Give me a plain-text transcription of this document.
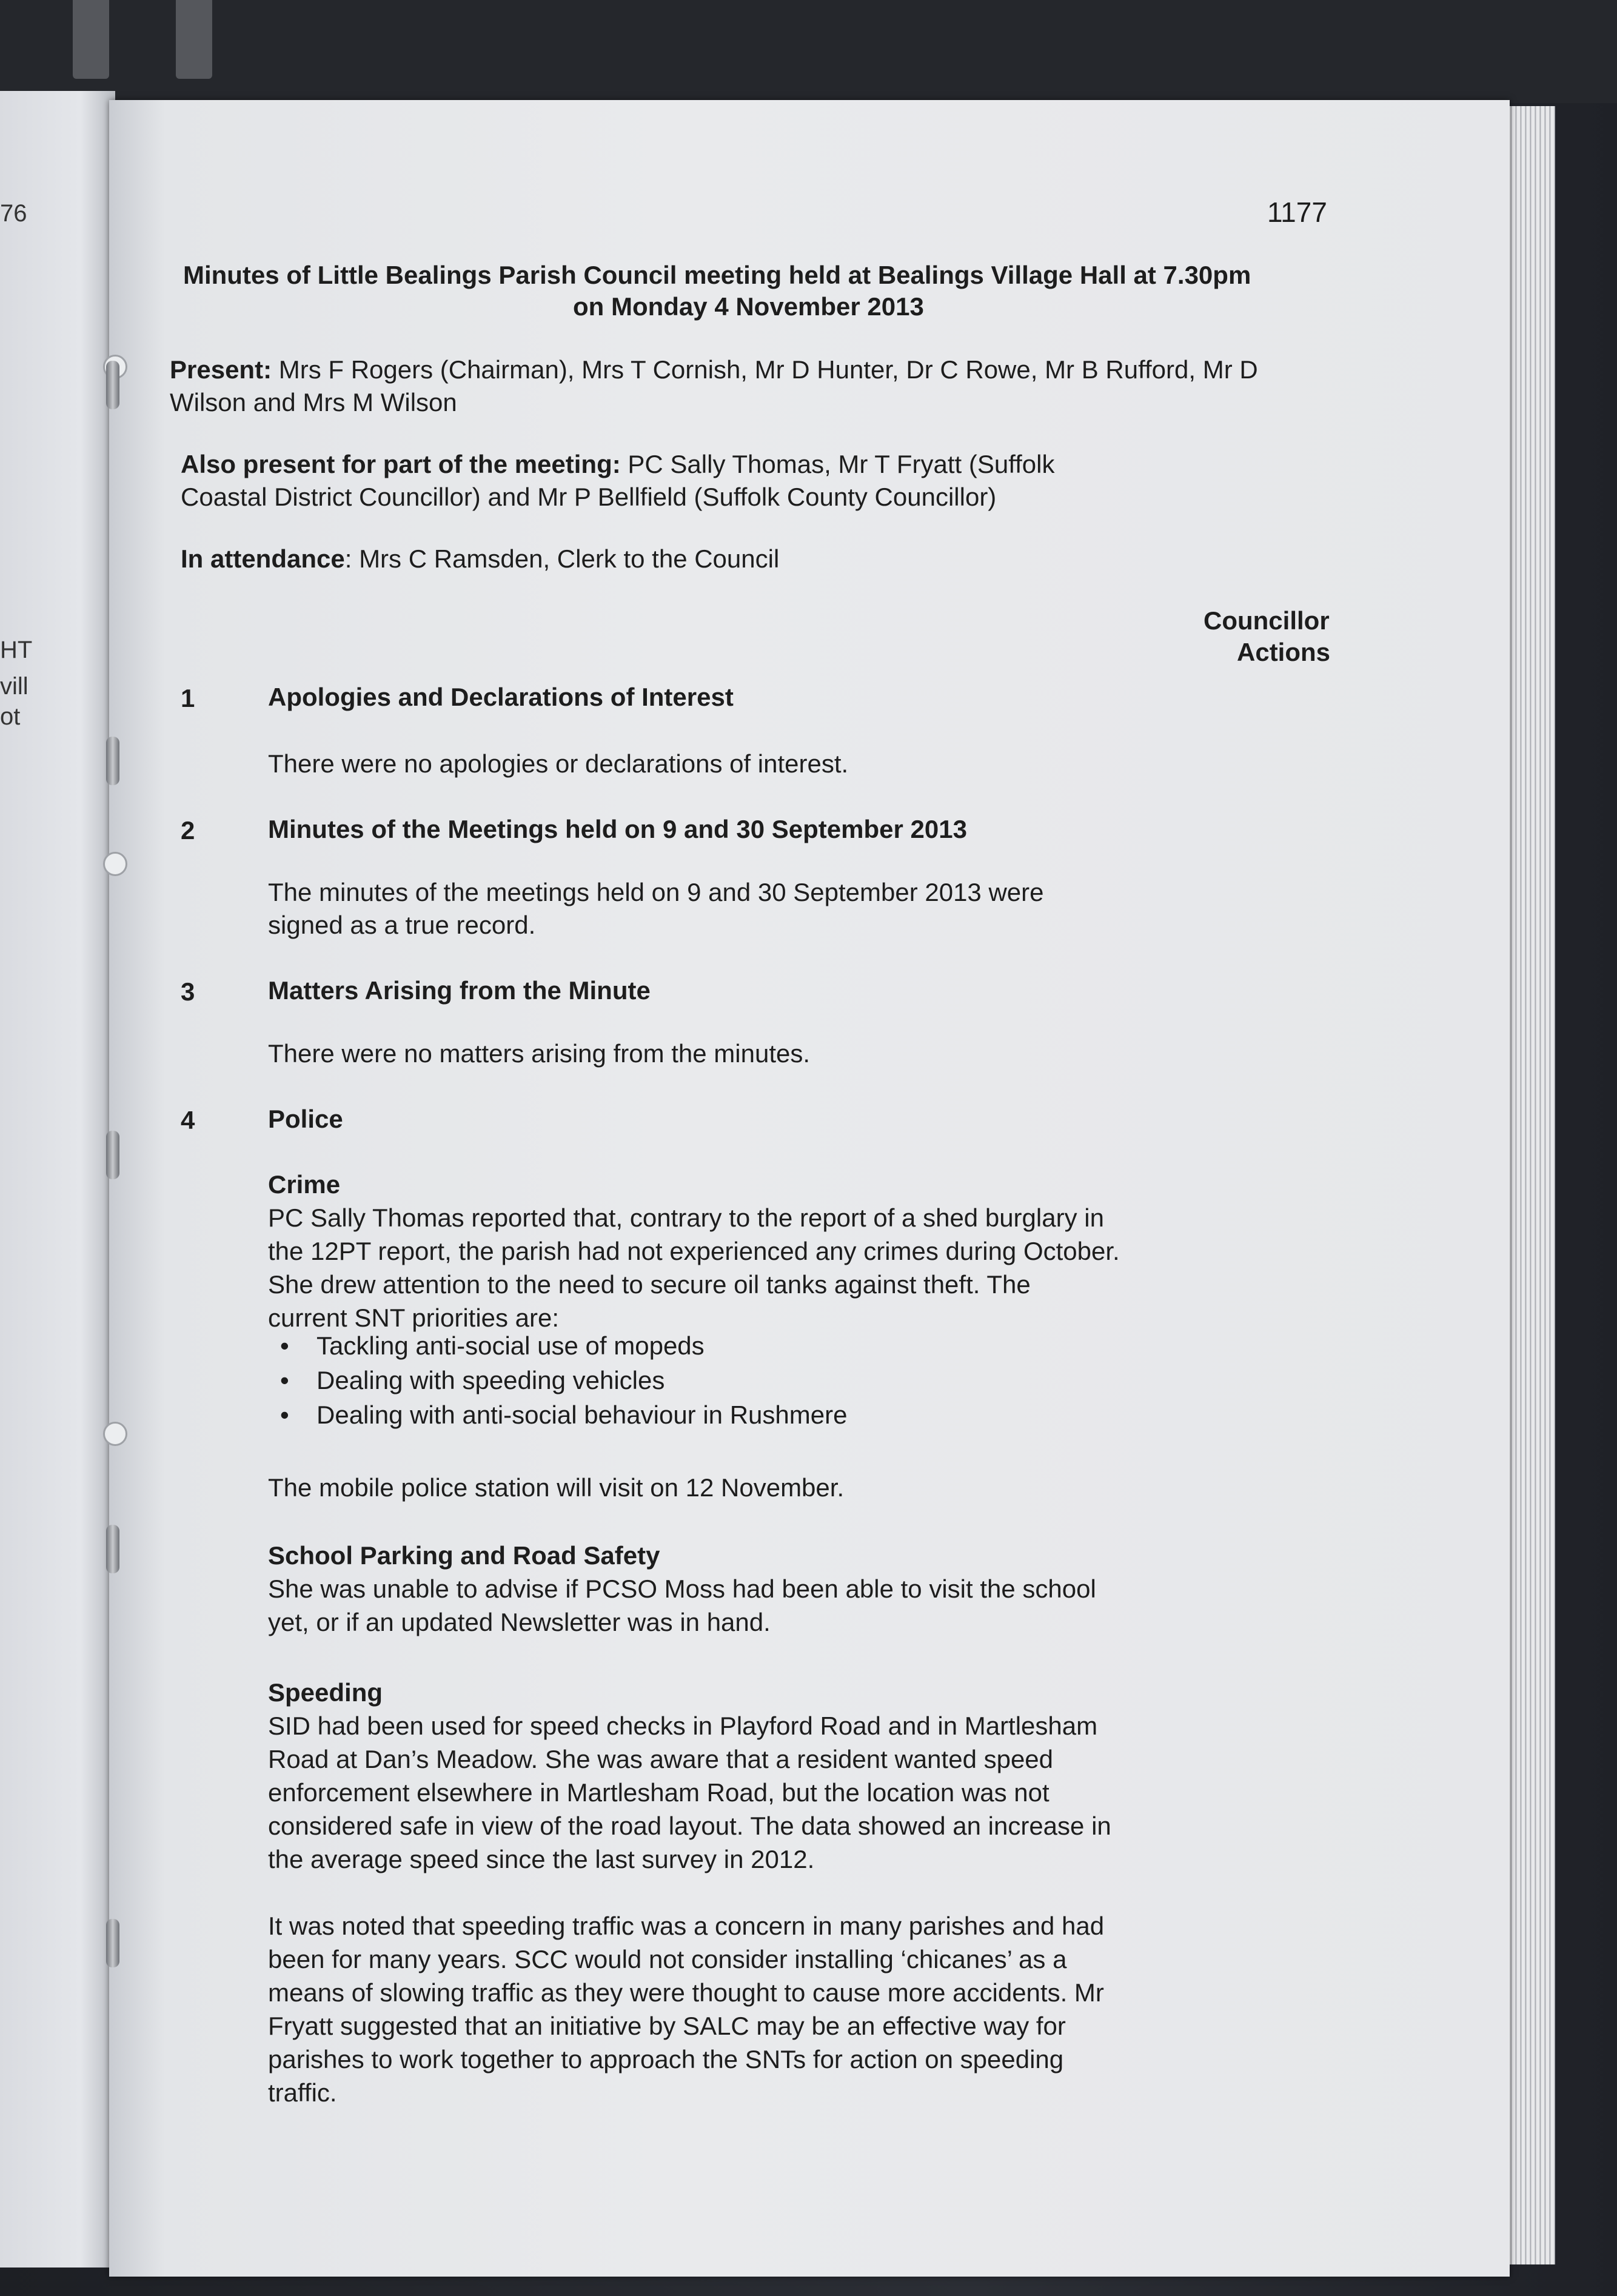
76
HT
vill
ot
1177
Minutes of Little Bealings Parish Council meeting held at Bealings Village Hall at 7.30pm
on Monday 4 November 2013
Present: Mrs F Rogers (Chairman), Mrs T Cornish, Mr D Hunter, Dr C Rowe, Mr B Rufford, Mr D
Wilson and Mrs M Wilson
Also present for part of the meeting: PC Sally Thomas, Mr T Fryatt (Suffolk
Coastal District Councillor) and Mr P Bellfield (Suffolk County Councillor)
In attendance: Mrs C Ramsden, Clerk to the Council
Councillor
Actions
1	Apologies and Declarations of Interest
There were no apologies or declarations of interest.
2	Minutes of the Meetings held on 9 and 30 September 2013
The minutes of the meetings held on 9 and 30 September 2013 were
signed as a true record.
3	Matters Arising from the Minute
There were no matters arising from the minutes.
4	Police
Crime

PC Sally Thomas reported that, contrary to the report of a shed burglary in

the 12PT report, the parish had not experienced any crimes during October.

She drew attention to the need to secure oil tanks against theft. The

current SNT priorities are:

• Tackling anti-social use of mopeds
• Dealing with speeding vehicles
• Dealing with anti-social behaviour in Rushmere
The mobile police station will visit on 12 November.
School Parking and Road Safety

She was unable to advise if PCSO Moss had been able to visit the school

yet, or if an updated Newsletter was in hand.

Speeding

SID had been used for speed checks in Playford Road and in Martlesham

Road at Dan’s Meadow. She was aware that a resident wanted speed

enforcement elsewhere in Martlesham Road, but the location was not

considered safe in view of the road layout. The data showed an increase in

the average speed since the last survey in 2012.

It was noted that speeding traffic was a concern in many parishes and had

been for many years. SCC would not consider installing ‘chicanes’ as a

means of slowing traffic as they were thought to cause more accidents. Mr

Fryatt suggested that an initiative by SALC may be an effective way for

parishes to work together to approach the SNTs for action on speeding

traffic.
